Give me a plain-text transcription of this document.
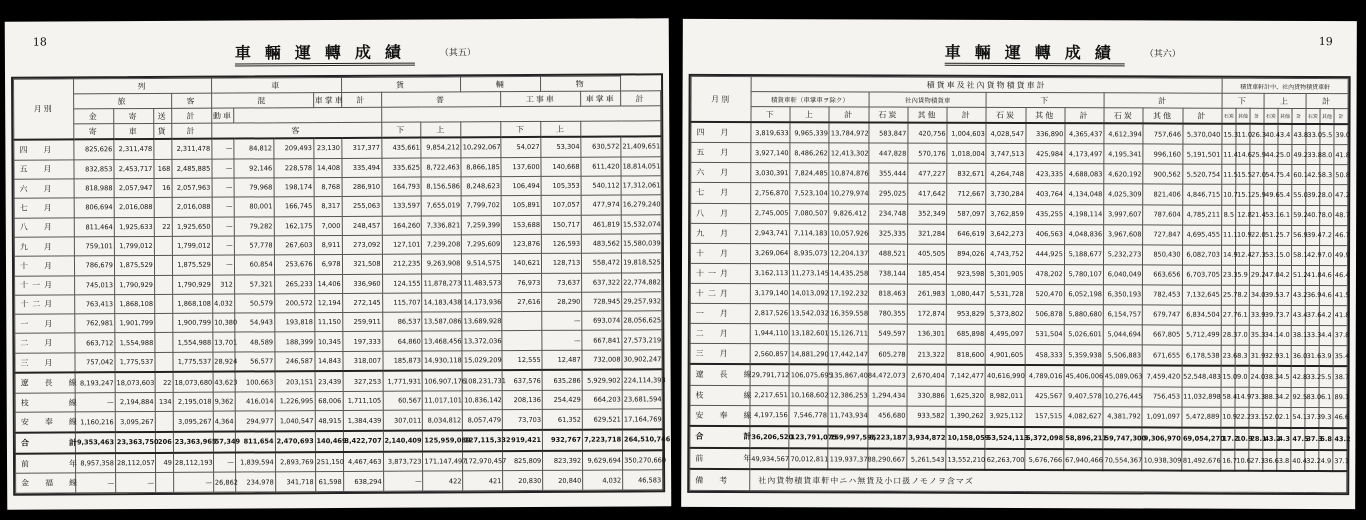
18
車輛運轉成績	（其五）
月別	列				車				貨			輛		物		
	旅			客	混			車掌車	計	普			工事車		車掌車	計
	金	寄	送	計	動車											
	寄	車	貨	計	客					下	上		下	上		
四　月	825,626	2,311,478		2,311,478	—	84,812	209,493	23,130	317,377	435,661	9,854,212	10,292,067	54,027	53,304	630,572	21,409,651
五　月	832,853	2,453,717	168	2,485,885	—	92,146	228,578	14,408	335,494	335,625	8,722,463	8,866,185	137,600	140,668	611,420	18,814,051
六　月	818,988	2,057,947	16	2,057,963	—	79,968	198,174	8,768	286,910	164,793	8,156,586	8,248,623	106,494	105,353	540,112	17,312,061
七　月	806,694	2,016,088		2,016,088	—	80,001	166,745	8,317	255,063	133,597	7,655,019	7,799,702	105,891	107,057	477,974	16,279,240
八　月	811,464	1,925,633	22	1,925,650	—	79,282	162,175	7,000	248,457	164,260	7,336,821	7,259,399	153,688	150,717	461,819	15,532,074
九　月	759,101	1,799,012		1,799,012	—	57,778	267,603	8,911	273,092	127,101	7,239,208	7,295,609	123,876	126,593	483,562	15,580,039
十　月	786,679	1,875,529		1,875,529	—	60,854	253,676	6,978	321,508	212,235	9,263,908	9,514,575	140,621	128,713	558,472	19,818,525
十一月	745,013	1,790,929		1,790,929	312	57,321	265,233	14,406	336,960	124,155	11,878,273	11,483,573	76,973	73,637	637,322	22,774,882
十二月	763,413	1,868,108		1,868,108	4,032	50,579	200,572	12,194	272,145	115,707	14,183,438	14,173,936	27,616	28,290	728,945	29,257,932
一　月	762,981	1,901,799		1,900,799	10,380	54,943	193,818	11,150	259,911	86,537	13,587,086	13,689,928		—	693,074	28,056,625
二　月	663,712	1,554,988		1,554,988	13,701	48,589	188,399	10,345	197,333	64,860	13,468,456	13,372,036		—	667,841	27,573,219
三　月	757,042	1,775,537		1,775,537	28,924	56,577	246,587	14,843	318,007	185,873	14,930,118	15,029,209	12,555	12,487	732,008	30,902,247
遼　長　線	8,193,247	18,073,603	22	18,073,680	43,623	100,663	203,151	23,439	327,253	1,771,931	106,907,176	108,231,731	637,576	635,286	5,929,902	224,114,393
枝　　　線	—	2,194,884	134	2,195,018	9,362	416,014	1,226,995	68,006	1,711,105	60,567	11,017,101	10,836,142	208,136	254,429	664,203	23,681,594
安　奉　線	1,160,216	3,095,267		3,095,267	4,364	294,977	1,040,547	48,915	1,384,439	307,011	8,034,812	8,057,479	73,703	61,352	629,521	17,164,769
合　　　計	9,353,463	23,363,750	206	23,363,965	57,349	811,654	2,470,693	140,469	3,422,707	2,140,409	125,959,089	127,115,332	919,421	932,767	7,223,718	264,510,746
前　　　年	8,957,358	28,112,057	49	28,112,193	—	1,839,594	2,893,769	251,150	4,467,463	3,873,723	171,147,497	172,970,457	825,809	823,392	9,629,694	350,270,660
金　福　線	—	—		—	26,862	234,978	341,718	61,598	638,294	—	422	421	20,830	20,840	4,032	46,583
19
車輛運轉成績 （其六）
月別	積貨車及社內貨物積貨車計												積貨車軒計中、社內貨物積貨車軒								
	積貨車軒（車掌車ヲ除ク）			社內貨物積貨車			下			計			下			上			計		
	下	上	計	石炭	其他	計	石炭	其他	計	石炭	其他	計	石炭	其他	計	石炭	其他	計	石炭	其他	計
四　月	3,819,633	9,965,339	13,784,972	583,847	420,756	1,004,603	4,028,547	336,890	4,365,437	4,612,394	757,646	5,370,040	15.3	11.0	26.3	40.4	3.4	43.8	33.0	5.5	39.0
五　月	3,927,140	8,486,262	12,413,302	447,828	570,176	1,018,004	3,747,513	425,984	4,173,497	4,195,341	996,160	5,191,501	11.4	14.6	25.9	44.2	5.0	49.2	33.8	8.0	41.8
六　月	3,030,391	7,824,485	10,874,876	355,444	477,227	832,671	4,264,748	423,335	4,688,083	4,620,192	900,562	5,520,754	11.5	15.5	27.0	54.7	5.4	60.1	42.5	8.3	50.8
七　月	2,756,870	7,523,104	10,279,974	295,025	417,642	712,667	3,730,284	403,764	4,134,048	4,025,309	821,406	4,846,715	10.7	15.1	25.9	49.6	5.4	55.0	39.2	8.0	47.2
八　月	2,745,005	7,080,507	9,826,412	234,748	352,349	587,097	3,762,859	435,255	4,198,114	3,997,607	787,604	4,785,211	8.5	12.8	21.4	53.1	6.1	59.2	40.7	8.0	48.7
九　月	2,943,741	7,114,183	10,057,926	325,335	321,284	646,619	3,642,273	406,563	4,048,836	3,967,608	727,847	4,695,455	11.1	10.9	22.0	51.2	5.7	56.9	39.4	7.2	46.7
十　月	3,269,064	8,935,073	12,204,137	488,521	405,505	894,026	4,743,752	444,925	5,188,677	5,232,273	850,430	6,082,703	14.9	12.4	27.3	53.1	5.0	58.1	42.9	7.0	49.9
十一月	3,162,113	11,273,145	14,435,258	738,144	185,454	923,598	5,301,905	478,202	5,780,107	6,040,049	663,656	6,703,705	23.3	5.9	29.2	47.0	4.2	51.2	41.8	4.6	46.4
十二月	3,179,140	14,013,092	17,192,232	818,463	261,983	1,080,447	5,531,728	520,470	6,052,198	6,350,193	782,453	7,132,645	25.7	8.2	34.0	39.5	3.7	43.2	36.9	4.6	41.5
一　月	2,817,526	13,542,032	16,359,558	780,355	172,874	953,829	5,373,802	506,878	5,880,680	6,154,757	679,747	6,834,504	27.7	6.1	33.9	39.7	3.7	43.4	37.6	4.2	41.8
二　月	1,944,110	13,182,601	15,126,711	549,597	136,301	685,898	4,495,097	531,504	5,026,601	5,044,694	667,805	5,712,499	28.3	7.0	35.3	34.1	4.0	38.1	33.3	4.4	37.8
三　月	2,560,857	14,881,290	17,442,147	605,278	213,322	818,600	4,901,605	458,333	5,359,938	5,506,883	671,655	6,178,538	23.6	8.3	31.9	32.9	3.1	36.0	31.6	3.9	35.4
遼　長　線	29,791,712	106,075,695	135,867,408	4,472,073	2,670,404	7,142,477	40,616,990	4,789,016	45,406,006	45,089,063	7,459,420	52,548,483	15.0	9.0	24.0	38.3	4.5	42.8	33.2	5.5	38.7
枝　　　線	2,217,651	10,168,602	12,386,253	1,294,434	330,886	1,625,320	8,982,011	425,567	9,407,578	10,276,445	756,453	11,032,898	58.4	14.9	73.3	88.3	4.2	92.5	83.0	6.1	89.1
安　奉　線	4,197,156	7,546,778	11,743,934	456,680	933,582	1,390,262	3,925,112	157,515	4,082,627	4,381,792	1,091,097	5,472,889	10.9	22.2	33.1	52.0	2.1	54.1	37.3	9.3	46.6
合　　　計	36,206,520	123,791,075	159,997,595	6,223,187	3,934,872	10,158,059	53,524,113	5,372,098	58,896,211	59,747,300	9,306,970	69,054,270	17.2	10.9	28.1	43.2	4.3	47.5	37.3	5.8	43.2
前　　　年	49,934,567	70,012,811	119,937,378	8,290,667	5,261,543	13,552,210	62,263,700	5,676,766	67,940,466	70,554,367	10,938,309	81,492,676	16.7	10.6	27.3	36.6	3.8	40.4	32.2	4.9	37.1
備　考	社內貨物積貨車軒中ニハ無貨及小口扱ノモノヲ含マズ																				
